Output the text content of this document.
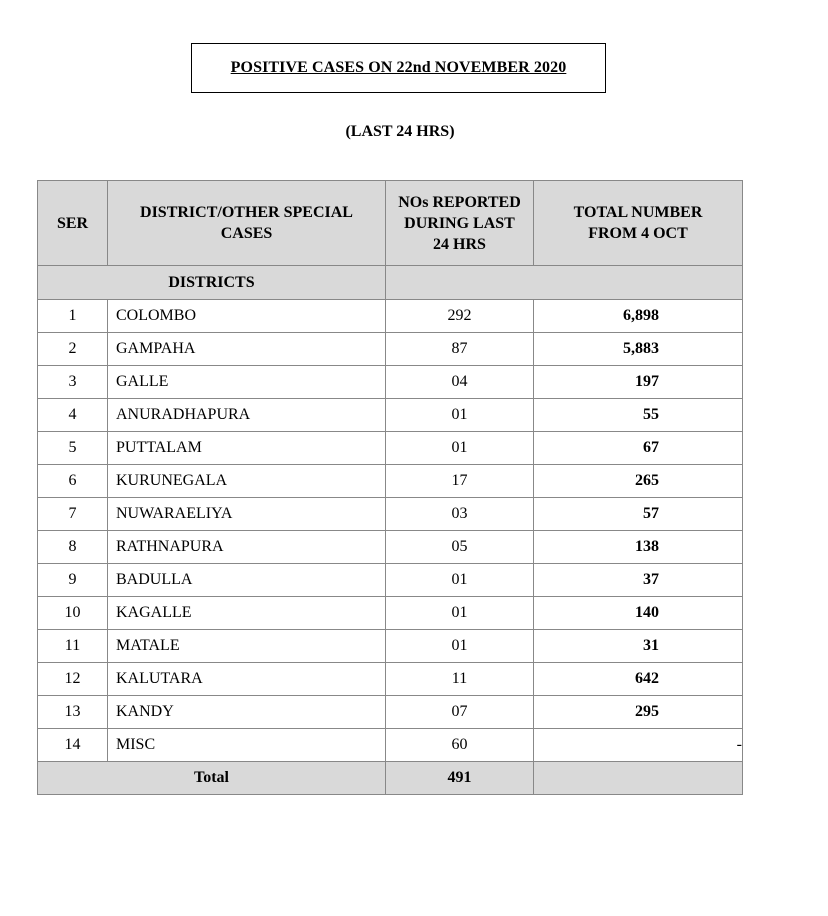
POSITIVE CASES ON 22nd NOVEMBER 2020
(LAST 24 HRS)
SER	DISTRICT/OTHER SPECIAL CASES	NOs REPORTED DURING LAST 24 HRS	TOTAL NUMBER FROM 4 OCT
DISTRICTS			
1	COLOMBO	292	6,898
2	GAMPAHA	87	5,883
3	GALLE	04	197
4	ANURADHAPURA	01	55
5	PUTTALAM	01	67
6	KURUNEGALA	17	265
7	NUWARAELIYA	03	57
8	RATHNAPURA	05	138
9	BADULLA	01	37
10	KAGALLE	01	140
11	MATALE	01	31
12	KALUTARA	11	642
13	KANDY	07	295
14	MISC	60	-
Total		491	
